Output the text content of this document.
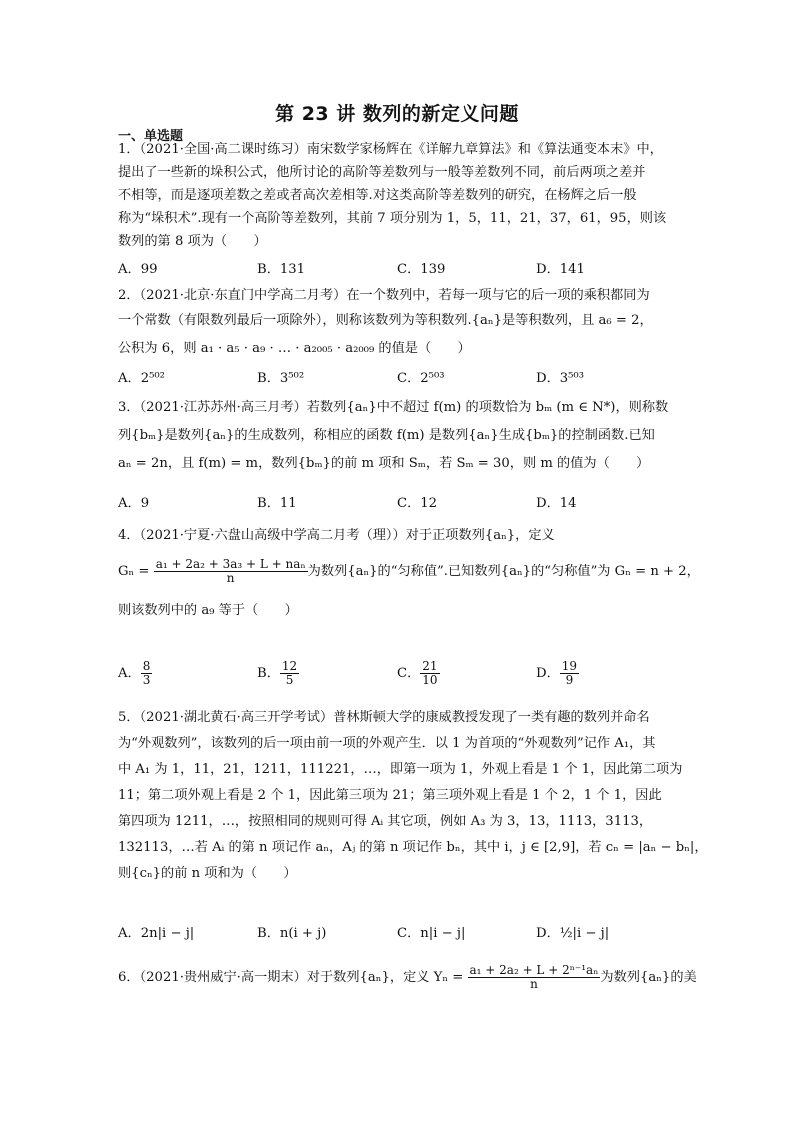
第 23 讲 数列的新定义问题
一、单选题
1．（2021·全国·高二课时练习）南宋数学家杨辉在《详解九章算法》和《算法通变本末》中，
提出了一些新的垛积公式，他所讨论的高阶等差数列与一般等差数列不同，前后两项之差并
不相等，而是逐项差数之差或者高次差相等.对这类高阶等差数列的研究，在杨辉之后一般
称为“垛积术”.现有一个高阶等差数列，其前 7 项分别为 1，5，11，21，37，61，95，则该
数列的第 8 项为（　　）
A．99	B．131	C．139	D．141
2．（2021·北京·东直门中学高二月考）在一个数列中，若每一项与它的后一项的乘积都同为
一个常数（有限数列最后一项除外），则称该数列为等积数列.{aₙ}是等积数列，且 a₆ = 2，
公积为 6，则 a₁ · a₅ · a₉ · … · a₂₀₀₅ · a₂₀₀₉ 的值是（　　）
A．2⁵⁰²	B．3⁵⁰²	C．2⁵⁰³	D．3⁵⁰³
3．（2021·江苏苏州·高三月考）若数列{aₙ}中不超过 f(m) 的项数恰为 bₘ (m ∈ N*)，则称数
列{bₘ}是数列{aₙ}的生成数列，称相应的函数 f(m) 是数列{aₙ}生成{bₘ}的控制函数.已知
aₙ = 2n，且 f(m) = m，数列{bₘ}的前 m 项和 Sₘ，若 Sₘ = 30，则 m 的值为（　　）
A．9	B．11	C．12	D．14
4．（2021·宁夏·六盘山高级中学高二月考（理））对于正项数列{aₙ}，定义
$G_n = \frac{\text{a₁ + 2a₂ + 3a₃ + L + naₙ}}{n}$ 为数列{aₙ}的“匀称值”.已知数列{aₙ}的“匀称值”为 Gₙ = n + 2，
则该数列中的 a₉ 等于（　　）
A． $\frac{8}{3}$	B． $\frac{12}{5}$	C． $\frac{21}{10}$	D． $\frac{19}{9}$
5．（2021·湖北黄石·高三开学考试）普林斯顿大学的康威教授发现了一类有趣的数列并命名
为“外观数列”，该数列的后一项由前一项的外观产生．以 1 为首项的“外观数列”记作 A₁，其
中 A₁ 为 1，11，21，1211，111221，…，即第一项为 1，外观上看是 1 个 1，因此第二项为
11；第二项外观上看是 2 个 1，因此第三项为 21；第三项外观上看是 1 个 2，1 个 1，因此
第四项为 1211，…，按照相同的规则可得 Aᵢ 其它项，例如 A₃ 为 3，13，1113，3113，
132113，…若 Aᵢ 的第 n 项记作 aₙ，Aⱼ 的第 n 项记作 bₙ，其中 i，j ∈ [2,9]，若 cₙ = |aₙ − bₙ|，
则{cₙ}的前 n 项和为（　　）
A．2n|i − j|	B．n(i + j)	C．n|i − j|	D．½|i − j|
6．（2021·贵州威宁·高一期末）对于数列{aₙ}，定义 $Y_n = \frac{\text{a₁ + 2a₂ + L + 2ⁿ⁻¹aₙ}}{n}$ 为数列{aₙ}的美
